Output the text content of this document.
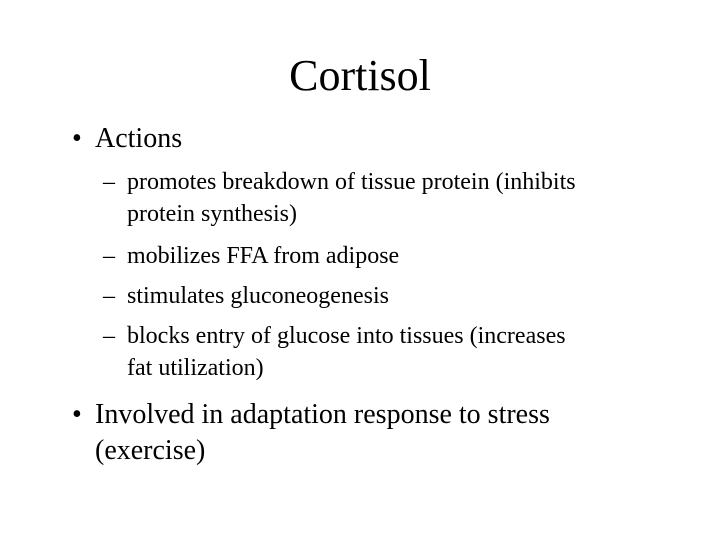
Cortisol
• Actions
– promotes breakdown of tissue protein (inhibits
protein synthesis)
– mobilizes FFA from adipose
– stimulates gluconeogenesis
– blocks entry of glucose into tissues (increases
fat utilization)
• Involved in adaptation response to stress
(exercise)
